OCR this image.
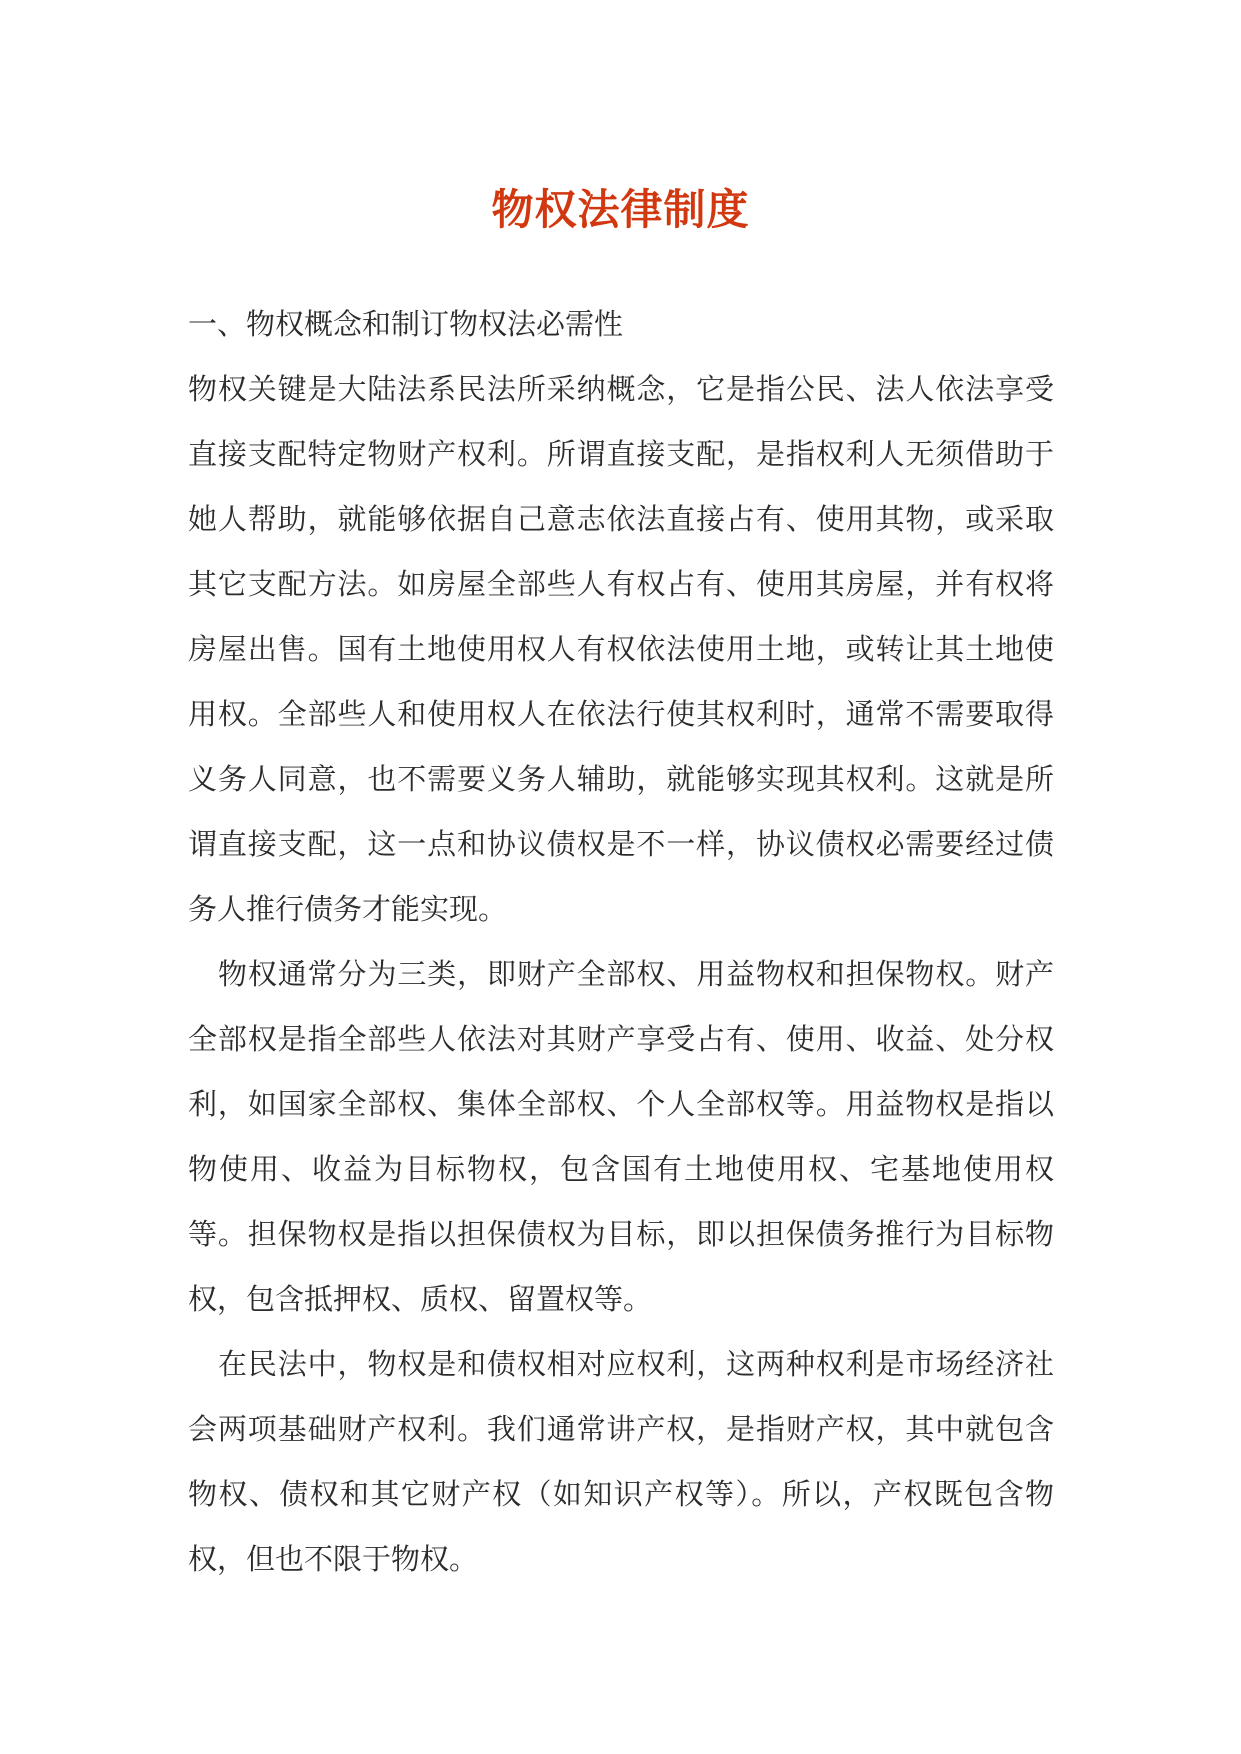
物权法律制度
一、物权概念和制订物权法必需性

物权关键是大陆法系民法所采纳概念，它是指公民、法人依法享受直接支配特定物财产权利。所谓直接支配，是指权利人无须借助于她人帮助，就能够依据自己意志依法直接占有、使用其物，或采取其它支配方法。如房屋全部些人有权占有、使用其房屋，并有权将房屋出售。国有土地使用权人有权依法使用土地，或转让其土地使用权。全部些人和使用权人在依法行使其权利时，通常不需要取得义务人同意，也不需要义务人辅助，就能够实现其权利。这就是所谓直接支配，这一点和协议债权是不一样，协议债权必需要经过债务人推行债务才能实现。

物权通常分为三类，即财产全部权、用益物权和担保物权。财产全部权是指全部些人依法对其财产享受占有、使用、收益、处分权利，如国家全部权、集体全部权、个人全部权等。用益物权是指以物使用、收益为目标物权，包含国有土地使用权、宅基地使用权等。担保物权是指以担保债权为目标，即以担保债务推行为目标物权，包含抵押权、质权、留置权等。

在民法中，物权是和债权相对应权利，这两种权利是市场经济社会两项基础财产权利。我们通常讲产权，是指财产权，其中就包含物权、债权和其它财产权（如知识产权等）。所以，产权既包含物权，但也不限于物权。
